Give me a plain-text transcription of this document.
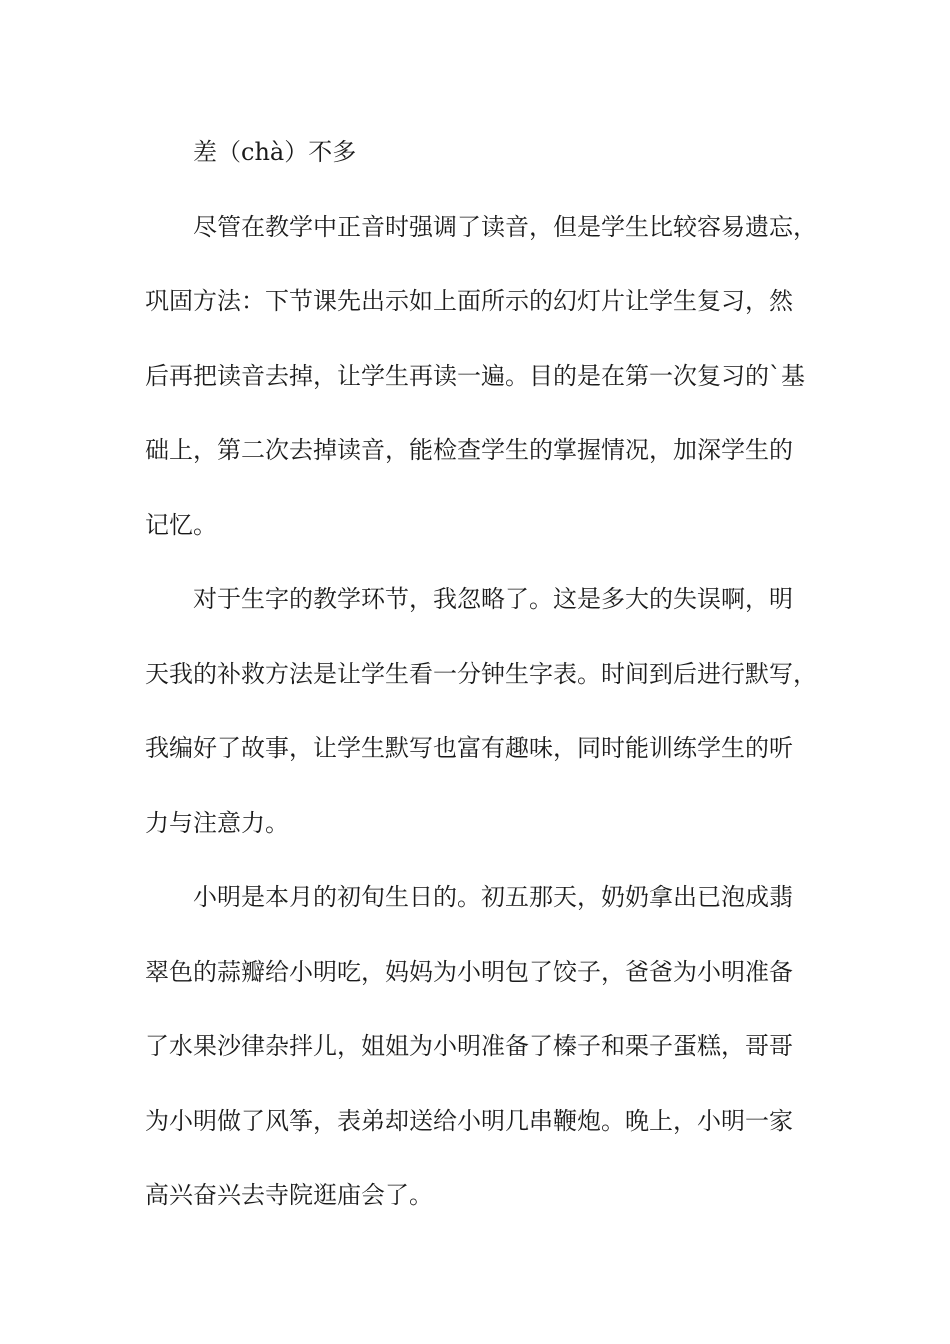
差（chà）不多
尽管在教学中正音时强调了读音，但是学生比较容易遗忘，
巩固方法：下节课先出示如上面所示的幻灯片让学生复习，然
后再把读音去掉，让学生再读一遍。目的是在第一次复习的`基
础上，第二次去掉读音，能检查学生的掌握情况，加深学生的
记忆。
对于生字的教学环节，我忽略了。这是多大的失误啊，明
天我的补救方法是让学生看一分钟生字表。时间到后进行默写，
我编好了故事，让学生默写也富有趣味，同时能训练学生的听
力与注意力。
小明是本月的初旬生日的。初五那天，奶奶拿出已泡成翡
翠色的蒜瓣给小明吃，妈妈为小明包了饺子，爸爸为小明准备
了水果沙律杂拌儿，姐姐为小明准备了榛子和栗子蛋糕，哥哥
为小明做了风筝，表弟却送给小明几串鞭炮。晚上，小明一家
高兴奋兴去寺院逛庙会了。
